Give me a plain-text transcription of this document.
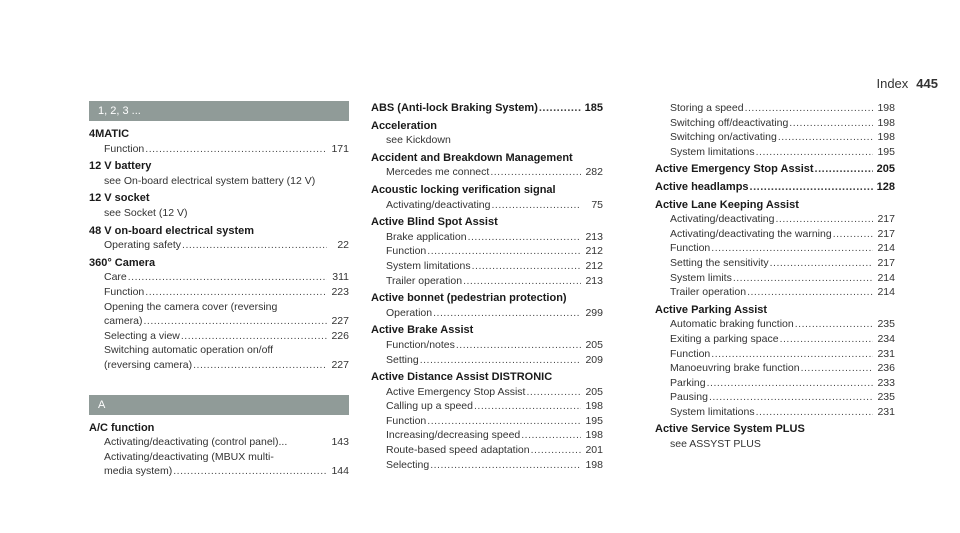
Index 445
1, 2, 3 ...
4MATIC
Function .....	171
12 V battery
see On-board electrical system battery (12 V)
12 V socket
see Socket (12 V)
48 V on-board electrical system
Operating safety .....	22
360° Camera
Care .....	311
Function .....	223
Opening the camera cover (reversing
camera) .....	227
Selecting a view .....	226
Switching automatic operation on/off
(reversing camera) .....	227
A
A/C function
Activating/deactivating (control panel)...	143
Activating/deactivating (MBUX multi-
media system) .....	144
ABS (Anti-lock Braking System) .....	185
Acceleration
see Kickdown
Accident and Breakdown Management
Mercedes me connect .....	282
Acoustic locking verification signal
Activating/deactivating .....	75
Active Blind Spot Assist
Brake application .....	213
Function .....	212
System limitations .....	212
Trailer operation .....	213
Active bonnet (pedestrian protection)
Operation .....	299
Active Brake Assist
Function/notes .....	205
Setting .....	209
Active Distance Assist DISTRONIC
Active Emergency Stop Assist .....	205
Calling up a speed .....	198
Function .....	195
Increasing/decreasing speed .....	198
Route-based speed adaptation .....	201
Selecting .....	198
Storing a speed .....	198
Switching off/deactivating .....	198
Switching on/activating .....	198
System limitations .....	195
Active Emergency Stop Assist .....	205
Active headlamps .....	128
Active Lane Keeping Assist
Activating/deactivating .....	217
Activating/deactivating the warning .....	217
Function .....	214
Setting the sensitivity .....	217
System limits .....	214
Trailer operation .....	214
Active Parking Assist
Automatic braking function .....	235
Exiting a parking space .....	234
Function .....	231
Manoeuvring brake function .....	236
Parking .....	233
Pausing .....	235
System limitations .....	231
Active Service System PLUS
see ASSYST PLUS
